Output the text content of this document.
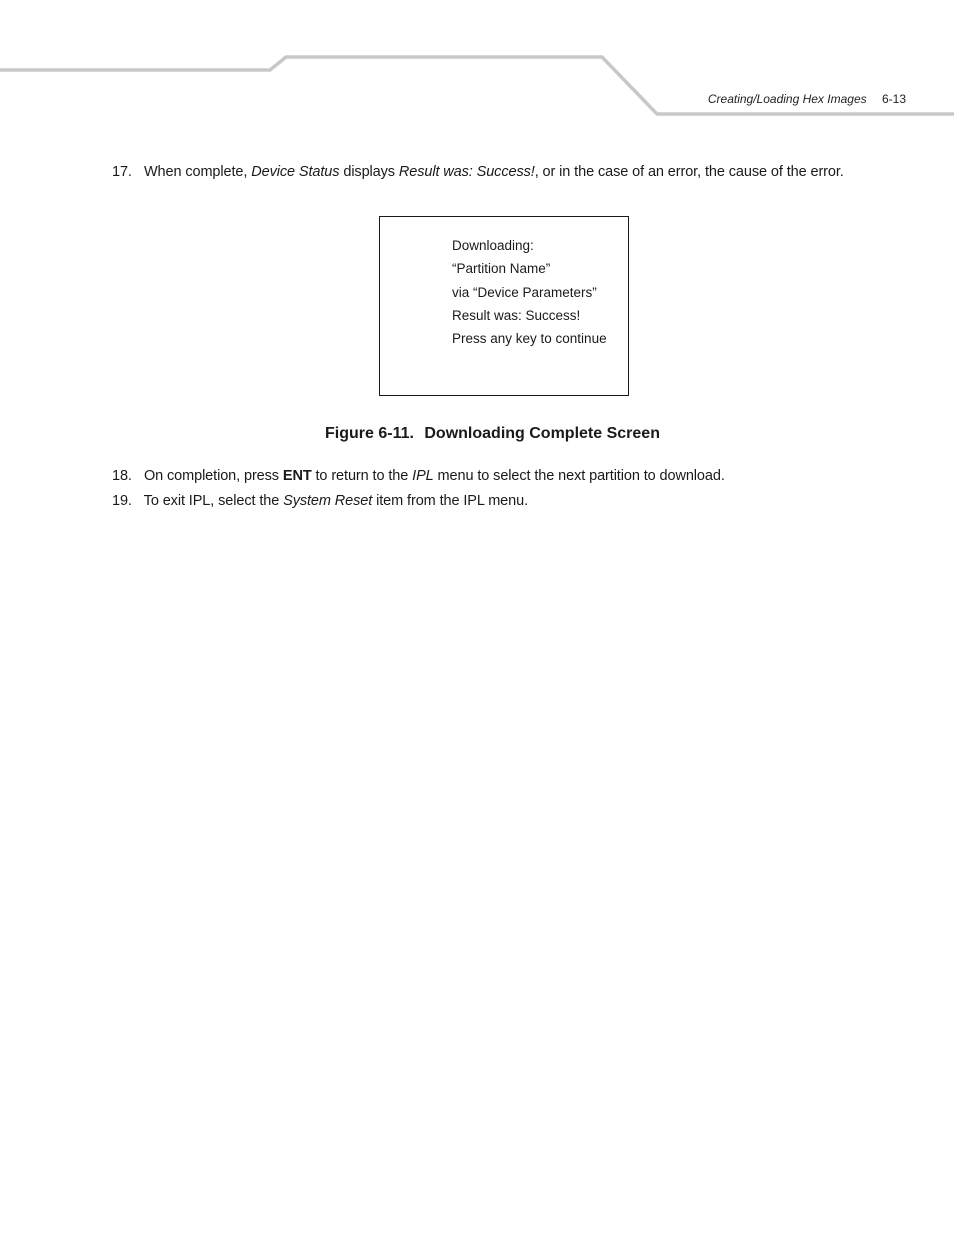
Creating/Loading Hex Images 6-13
17. When complete, Device Status displays Result was: Success!, or in the case of an error, the cause of the error.
Downloading:
“Partition Name”
via “Device Parameters”
Result was: Success!
Press any key to continue
Figure 6-11. Downloading Complete Screen
18. On completion, press ENT to return to the IPL menu to select the next partition to download.
19. To exit IPL, select the System Reset item from the IPL menu.
